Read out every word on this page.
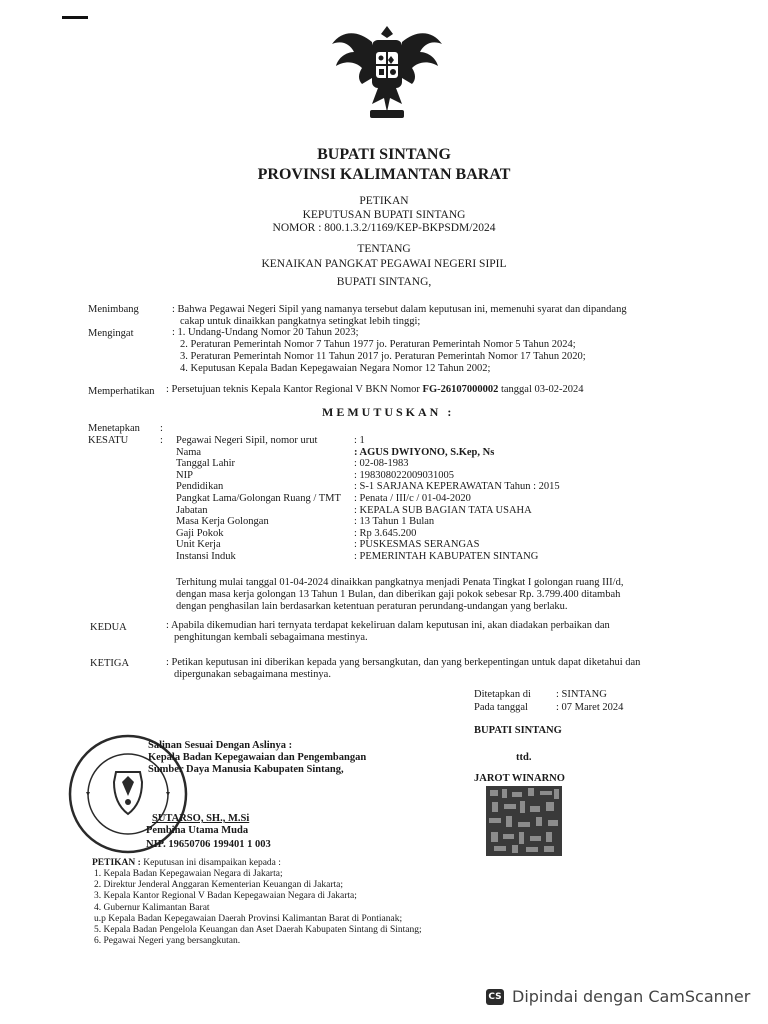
BUPATI SINTANG
PROVINSI KALIMANTAN BARAT
PETIKAN
KEPUTUSAN BUPATI SINTANG
NOMOR : 800.1.3.2/1169/KEP-BKPSDM/2024
TENTANG
KENAIKAN PANGKAT PEGAWAI NEGERI SIPIL
BUPATI SINTANG,
Menimbang	: Bahwa Pegawai Negeri Sipil yang namanya tersebut dalam keputusan ini, memenuhi syarat dan dipandang
cakap untuk dinaikkan pangkatnya setingkat lebih tinggi;
Mengingat	: 1. Undang-Undang Nomor 20 Tahun 2023;
2. Peraturan Pemerintah Nomor 7 Tahun 1977 jo. Peraturan Pemerintah Nomor 5 Tahun 2024;
3. Peraturan Pemerintah Nomor 11 Tahun 2017 jo. Peraturan Pemerintah Nomor 17 Tahun 2020;
4. Keputusan Kepala Badan Kepegawaian Negara Nomor 12 Tahun 2002;
Memperhatikan : Persetujuan teknis Kepala Kantor Regional V BKN Nomor FG-26107000002 tanggal 03-02-2024
MEMUTUSKAN :
Menetapkan :
KESATU	: Pegawai Negeri Sipil, nomor urut	: 1
Nama	: AGUS DWIYONO, S.Kep, Ns
Tanggal Lahir	: 02-08-1983
NIP	: 198308022009031005
Pendidikan	: S-1 SARJANA KEPERAWATAN Tahun : 2015
Pangkat Lama/Golongan Ruang / TMT : Penata / III/c / 01-04-2020
Jabatan	: KEPALA SUB BAGIAN TATA USAHA
Masa Kerja Golongan	: 13 Tahun 1 Bulan
Gaji Pokok	: Rp 3.645.200
Unit Kerja	: PUSKESMAS SERANGAS
Instansi Induk	: PEMERINTAH KABUPATEN SINTANG
Terhitung mulai tanggal 01-04-2024 dinaikkan pangkatnya menjadi Penata Tingkat I golongan ruang III/d,
dengan masa kerja golongan 13 Tahun 1 Bulan, dan diberikan gaji pokok sebesar Rp. 3.799.400 ditambah
dengan penghasilan lain berdasarkan ketentuan peraturan perundang-undangan yang berlaku.
KEDUA	: Apabila dikemudian hari ternyata terdapat kekeliruan dalam keputusan ini, akan diadakan perbaikan dan
penghitungan kembali sebagaimana mestinya.
KETIGA	: Petikan keputusan ini diberikan kepada yang bersangkutan, dan yang berkepentingan untuk dapat diketahui dan
dipergunakan sebagaimana mestinya.
Ditetapkan di : SINTANG
Pada tanggal	: 07 Maret 2024
BUPATI SINTANG
ttd.
JAROT WINARNO
Salinan Sesuai Dengan Aslinya :
Kepala Badan Kepegawaian dan Pengembangan
Sumber Daya Manusia Kabupaten Sintang,
SUTARSO, SH., M.Si
Pembina Utama Muda
NIP. 19650706 199401 1 003
PETIKAN : Keputusan ini disampaikan kepada :
1. Kepala Badan Kepegawaian Negara di Jakarta;
2. Direktur Jenderal Anggaran Kementerian Keuangan di Jakarta;
3. Kepala Kantor Regional V Badan Kepegawaian Negara di Jakarta;
4. Gubernur Kalimantan Barat
u.p Kepala Badan Kepegawaian Daerah Provinsi Kalimantan Barat di Pontianak;
5. Kepala Badan Pengelola Keuangan dan Aset Daerah Kabupaten Sintang di Sintang;
6. Pegawai Negeri yang bersangkutan.
CS Dipindai dengan CamScanner
